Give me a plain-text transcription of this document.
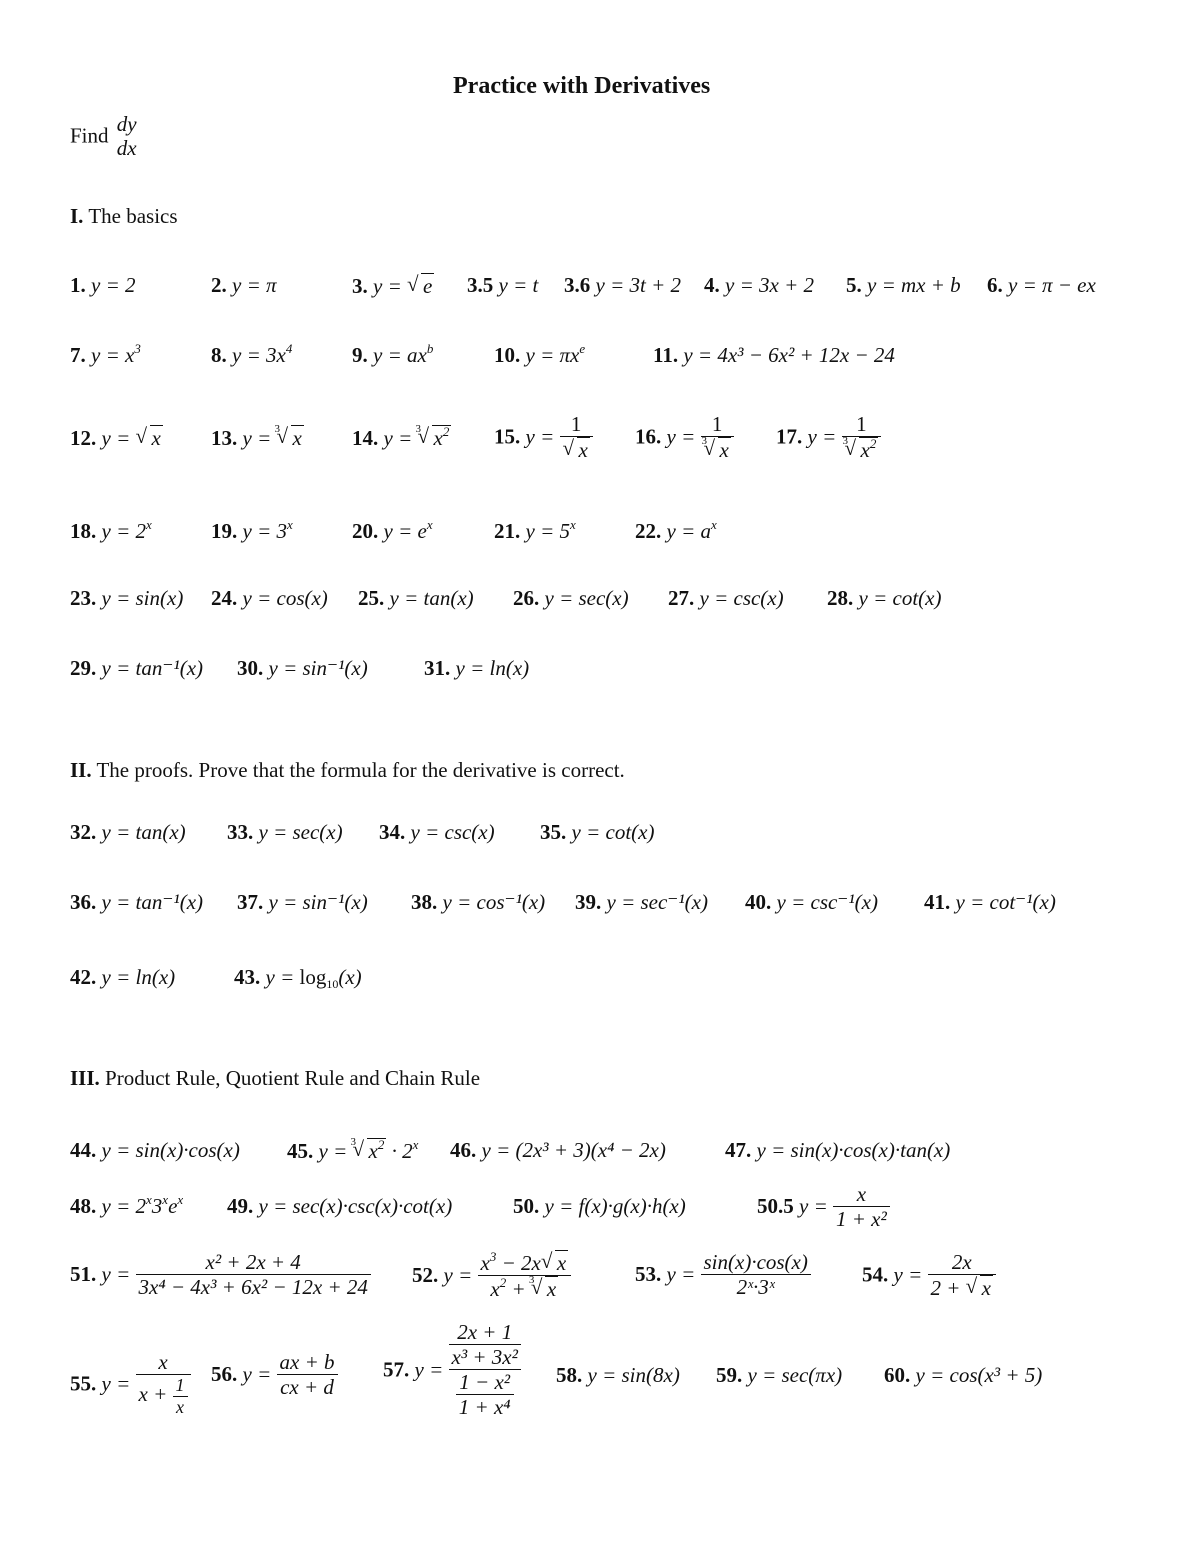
Practice with Derivatives
Find dy
dx
I. The basics
1. y = 2	2. y = π	3. y = √ e 3.5 y = t 3.6 y = 3t + 2 4. y = 3x + 2 5. y = mx + b 6. y = π − ex
7. $y = x^3$	8. $y = 3x^4$	9. $y = ax^b$	10. $y = \pi x^e$	11. y = 4x³ − 6x² + 12x − 24
12. y = √ x 13. y =
√ 3 x 14. y =
√ 3 $x^2$ 15. y = 1
√ x 16. y = 1
√ 3 x 17. y = 1
√ 3 $x^2$
18. $y = 2^x$	19. $y = 3^x$	20. $y = e^x$	21. $y = 5^x$	22. $y = a^x$
23. y = sin(x) 24. y = cos(x) 25. y = tan(x) 26. y = sec(x) 27. y = csc(x) 28. y = cot(x)
29. y = tan⁻¹(x) 30. y = sin⁻¹(x)	31. y = ln(x)
II. The proofs. Prove that the formula for the derivative is correct.
32. y = tan(x) 33. y = sec(x) 34. y = csc(x) 35. y = cot(x)
36. y = tan⁻¹(x) 37. y = sin⁻¹(x) 38. y = cos⁻¹(x) 39. y = sec⁻¹(x) 40. y = csc⁻¹(x) 41. y = cot⁻¹(x)
42. y = ln(x)	43. $y = \log_{10}(x)$
III. Product Rule, Quotient Rule and Chain Rule
44. y = sin(x)·cos(x) 45. y =
√ 3 $x^2 \cdot 2^x$ 46. y = (2x³ + 3)(x⁴ − 2x)	47. y = sin(x)·cos(x)·tan(x)
48. $y = 2^x3^xe^x$ 49. y = sec(x)·csc(x)·cot(x)	50. y = f(x)·g(x)·h(x)	50.5 $y = \frac{x}{\text{1 + x²}}$
51. $y = \frac{\text{x² + 2x + 4}}{\text{3x⁴ − 4x³ + 6x² − 12x + 24}} 52$. $y = x^3 - 2x√$ x
$x^2$ +
√ 3 x	53. $y = \frac{\sin(x)\cdot\cos(x)}{\text{2ˣ·3ˣ}} 54$. $y = \frac{2x}{2 + √ x}$
55. $y = \frac{x}{x + \frac{1}{x}} 56$. $y = \frac{ax + b}{cx + d} 57$. $y = \frac{\frac{2x + 1}{\text{x³ + 3x²}}}{\frac{\text{1 − x²}}{\text{1 + x⁴}}} 58$. y = sin(8x) 59. y = sec(πx) 60. y = cos(x³ + 5)
